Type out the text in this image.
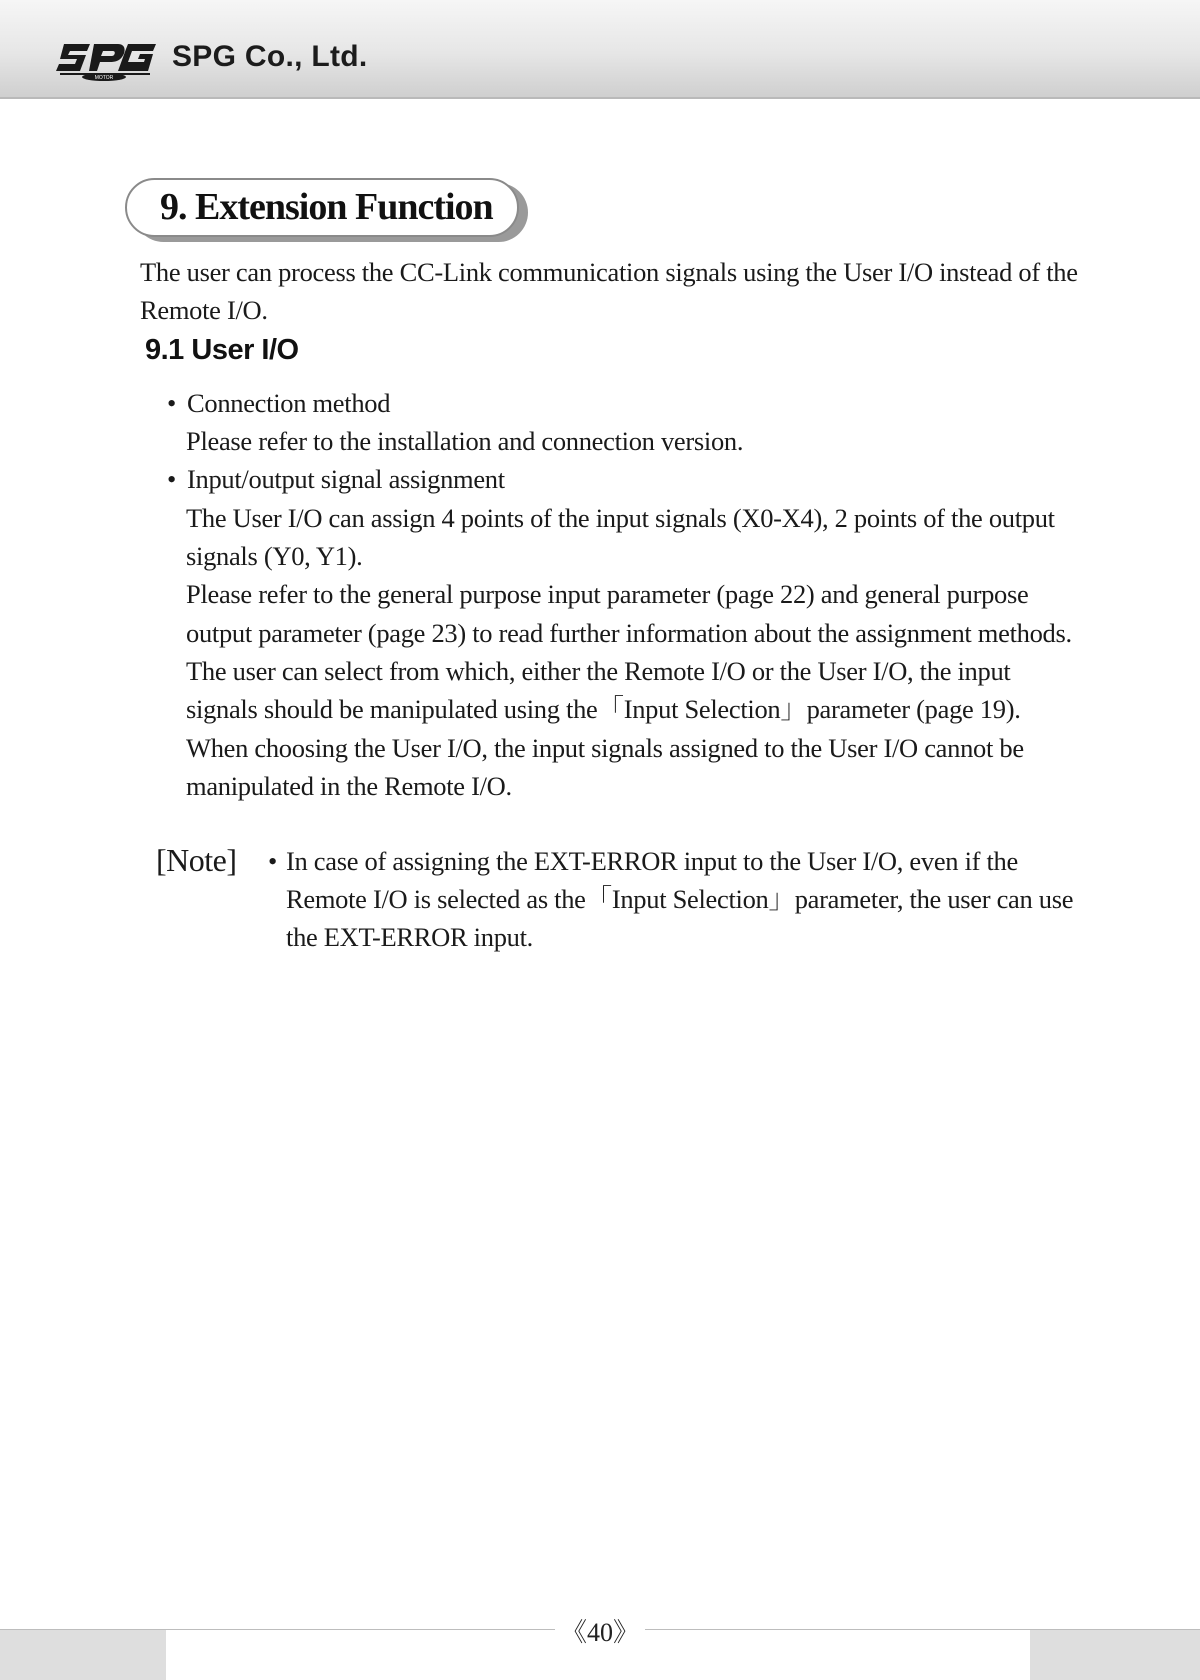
MOTOR
SPG Co., Ltd.
9. Extension Function
The user can process the CC-Link communication signals using the User I/O instead of the
Remote I/O.
9.1 User I/O
• Connection method
Please refer to the installation and connection version.
• Input/output signal assignment
The User I/O can assign 4 points of the input signals (X0-X4), 2 points of the output
signals (Y0, Y1).
Please refer to the general purpose input parameter (page 22) and general purpose
output parameter (page 23) to read further information about the assignment methods.
The user can select from which, either the Remote I/O or the User I/O, the input
signals should be manipulated using the「Input Selection」parameter (page 19).
When choosing the User I/O, the input signals assigned to the User I/O cannot be
manipulated in the Remote I/O.
[Note] • In case of assigning the EXT-ERROR input to the User I/O, even if the
Remote I/O is selected as the「Input Selection」parameter, the user can use
the EXT-ERROR input.
《40》
